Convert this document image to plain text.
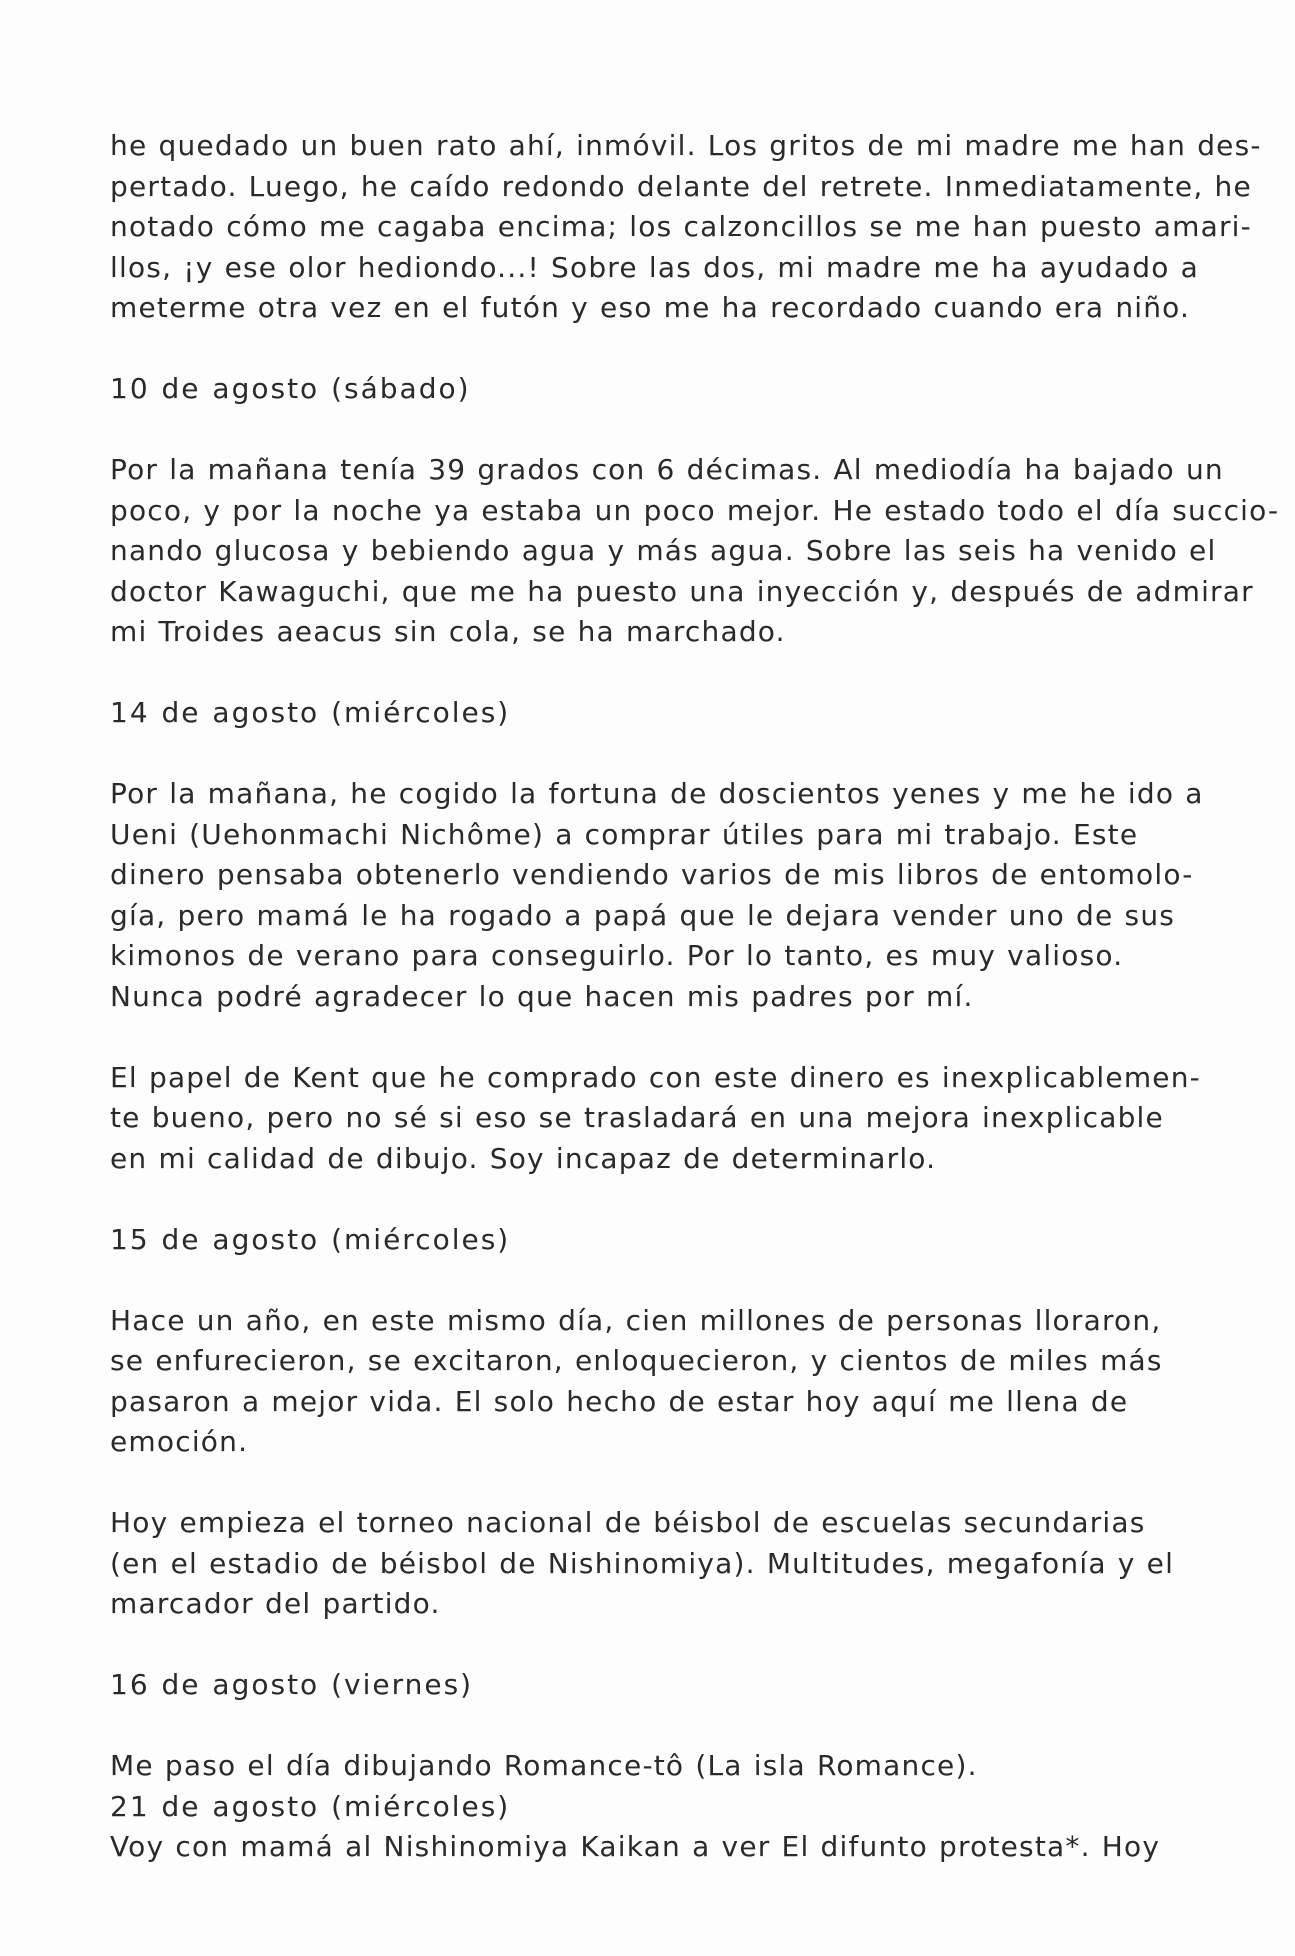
he quedado un buen rato ahí, inmóvil. Los gritos de mi madre me han des-
pertado. Luego, he caído redondo delante del retrete. Inmediatamente, he
notado cómo me cagaba encima; los calzoncillos se me han puesto amari-
llos, ¡y ese olor hediondo...! Sobre las dos, mi madre me ha ayudado a
meterme otra vez en el futón y eso me ha recordado cuando era niño.
10 de agosto (sábado)
Por la mañana tenía 39 grados con 6 décimas. Al mediodía ha bajado un
poco, y por la noche ya estaba un poco mejor. He estado todo el día succio-
nando glucosa y bebiendo agua y más agua. Sobre las seis ha venido el
doctor Kawaguchi, que me ha puesto una inyección y, después de admirar
mi Troides aeacus sin cola, se ha marchado.
14 de agosto (miércoles)
Por la mañana, he cogido la fortuna de doscientos yenes y me he ido a
Ueni (Uehonmachi Nichôme) a comprar útiles para mi trabajo. Este
dinero pensaba obtenerlo vendiendo varios de mis libros de entomolo-
gía, pero mamá le ha rogado a papá que le dejara vender uno de sus
kimonos de verano para conseguirlo. Por lo tanto, es muy valioso.
Nunca podré agradecer lo que hacen mis padres por mí.
El papel de Kent que he comprado con este dinero es inexplicablemen-
te bueno, pero no sé si eso se trasladará en una mejora inexplicable
en mi calidad de dibujo. Soy incapaz de determinarlo.
15 de agosto (miércoles)
Hace un año, en este mismo día, cien millones de personas lloraron,
se enfurecieron, se excitaron, enloquecieron, y cientos de miles más
pasaron a mejor vida. El solo hecho de estar hoy aquí me llena de
emoción.
Hoy empieza el torneo nacional de béisbol de escuelas secundarias
(en el estadio de béisbol de Nishinomiya). Multitudes, megafonía y el
marcador del partido.
16 de agosto (viernes)
Me paso el día dibujando Romance-tô (La isla Romance).
21 de agosto (miércoles)
Voy con mamá al Nishinomiya Kaikan a ver El difunto protesta*. Hoy
